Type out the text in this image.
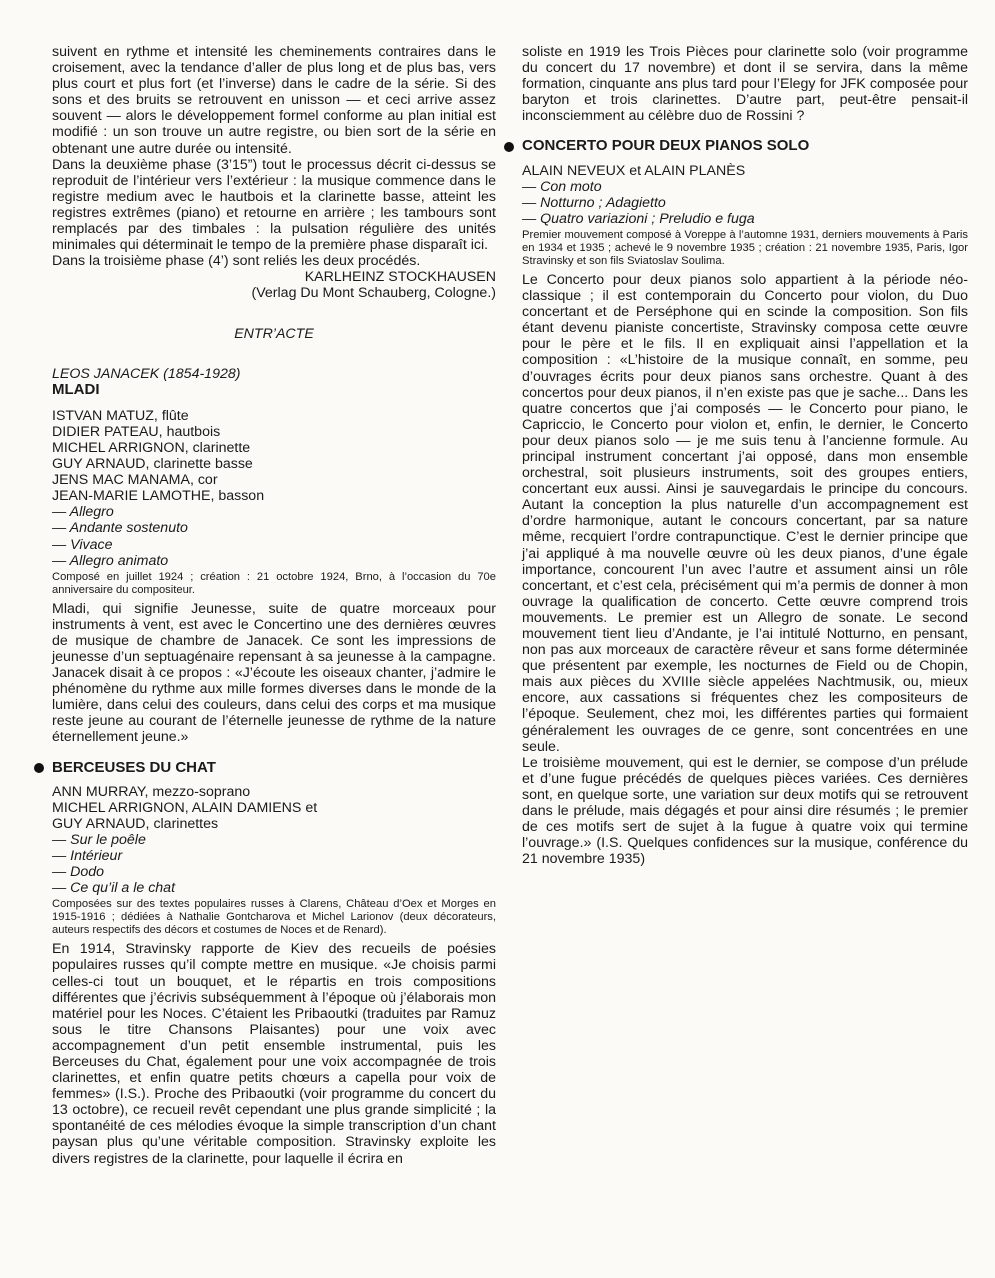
suivent en rythme et intensité les cheminements contraires dans le croisement, avec la tendance d’aller de plus long et de plus bas, vers plus court et plus fort (et l’inverse) dans le cadre de la série. Si des sons et des bruits se retrouvent en unisson — et ceci arrive assez souvent — alors le développement formel conforme au plan initial est modifié : un son trouve un autre registre, ou bien sort de la série en obtenant une autre durée ou intensité.

Dans la deuxième phase (3’15”) tout le processus décrit ci-dessus se reproduit de l’intérieur vers l’extérieur : la musique commence dans le registre medium avec le hautbois et la clarinette basse, atteint les registres extrêmes (piano) et retourne en arrière ; les tambours sont remplacés par des timbales : la pulsation régulière des unités minimales qui déterminait le tempo de la première phase disparaît ici.

Dans la troisième phase (4’) sont reliés les deux procédés.

KARLHEINZ STOCKHAUSEN

(Verlag Du Mont Schauberg, Cologne.)

ENTR’ACTE

LEOS JANACEK (1854-1928)

MLADI

ISTVAN MATUZ, flûte

DIDIER PATEAU, hautbois

MICHEL ARRIGNON, clarinette

GUY ARNAUD, clarinette basse

JENS MAC MANAMA, cor

JEAN-MARIE LAMOTHE, basson

— Allegro

— Andante sostenuto

— Vivace

— Allegro animato

Composé en juillet 1924 ; création : 21 octobre 1924, Brno, à l’occasion du 70e anniversaire du compositeur.

Mladi, qui signifie Jeunesse, suite de quatre morceaux pour instruments à vent, est avec le Concertino une des dernières œuvres de musique de chambre de Janacek. Ce sont les impressions de jeunesse d’un septuagénaire repensant à sa jeunesse à la campagne. Janacek disait à ce propos : «J’écoute les oiseaux chanter, j’admire le phénomène du rythme aux mille formes diverses dans le monde de la lumière, dans celui des couleurs, dans celui des corps et ma musique reste jeune au courant de l’éternelle jeunesse de rythme de la nature éternellement jeune.»

BERCEUSES DU CHAT

ANN MURRAY, mezzo-soprano

MICHEL ARRIGNON, ALAIN DAMIENS et

GUY ARNAUD, clarinettes

— Sur le poêle

— Intérieur

— Dodo

— Ce qu’il a le chat

Composées sur des textes populaires russes à Clarens, Château d’Oex et Morges en 1915-1916 ; dédiées à Nathalie Gontcharova et Michel Larionov (deux décorateurs, auteurs respectifs des décors et costumes de Noces et de Renard).

En 1914, Stravinsky rapporte de Kiev des recueils de poésies populaires russes qu’il compte mettre en musique. «Je choisis parmi celles-ci tout un bouquet, et le répartis en trois compositions différentes que j’écrivis subséquemment à l’époque où j’élaborais mon matériel pour les Noces. C’étaient les Pribaoutki (traduites par Ramuz sous le titre Chansons Plaisantes) pour une voix avec accompagnement d’un petit ensemble instrumental, puis les Berceuses du Chat, également pour une voix accompagnée de trois clarinettes, et enfin quatre petits chœurs a capella pour voix de femmes» (I.S.). Proche des Pribaoutki (voir programme du concert du 13 octobre), ce recueil revêt cependant une plus grande simplicité ; la spontanéité de ces mélodies évoque la simple transcription d’un chant paysan plus qu’une véritable composition. Stravinsky exploite les divers registres de la clarinette, pour laquelle il écrira en

soliste en 1919 les Trois Pièces pour clarinette solo (voir programme du concert du 17 novembre) et dont il se servira, dans la même formation, cinquante ans plus tard pour l’Elegy for JFK composée pour baryton et trois clarinettes. D’autre part, peut-être pensait-il inconsciemment au célèbre duo de Rossini ?

CONCERTO POUR DEUX PIANOS SOLO

ALAIN NEVEUX et ALAIN PLANÈS

— Con moto

— Notturno ; Adagietto

— Quatro variazioni ; Preludio e fuga

Premier mouvement composé à Voreppe à l’automne 1931, derniers mouvements à Paris en 1934 et 1935 ; achevé le 9 novembre 1935 ; création : 21 novembre 1935, Paris, Igor Stravinsky et son fils Sviatoslav Soulima.

Le Concerto pour deux pianos solo appartient à la période néo-classique ; il est contemporain du Concerto pour violon, du Duo concertant et de Perséphone qui en scinde la composition. Son fils étant devenu pianiste concertiste, Stravinsky composa cette œuvre pour le père et le fils. Il en expliquait ainsi l’appellation et la composition : «L’histoire de la musique connaît, en somme, peu d’ouvrages écrits pour deux pianos sans orchestre. Quant à des concertos pour deux pianos, il n’en existe pas que je sache... Dans les quatre concertos que j’ai composés — le Concerto pour piano, le Capriccio, le Concerto pour violon et, enfin, le dernier, le Concerto pour deux pianos solo — je me suis tenu à l’ancienne formule. Au principal instrument concertant j’ai opposé, dans mon ensemble orchestral, soit plusieurs instruments, soit des groupes entiers, concertant eux aussi. Ainsi je sauvegardais le principe du concours. Autant la conception la plus naturelle d’un accompagnement est d’ordre harmonique, autant le concours concertant, par sa nature même, recquiert l’ordre contrapunctique. C’est le dernier principe que j’ai appliqué à ma nouvelle œuvre où les deux pianos, d’une égale importance, concourent l’un avec l’autre et assument ainsi un rôle concertant, et c’est cela, précisément qui m’a permis de donner à mon ouvrage la qualification de concerto. Cette œuvre comprend trois mouvements. Le premier est un Allegro de sonate. Le second mouvement tient lieu d’Andante, je l’ai intitulé Notturno, en pensant, non pas aux morceaux de caractère rêveur et sans forme déterminée que présentent par exemple, les nocturnes de Field ou de Chopin, mais aux pièces du XVIIIe siècle appelées Nachtmusik, ou, mieux encore, aux cassations si fréquentes chez les compositeurs de l’époque. Seulement, chez moi, les différentes parties qui formaient généralement les ouvrages de ce genre, sont concentrées en une seule.

Le troisième mouvement, qui est le dernier, se compose d’un prélude et d’une fugue précédés de quelques pièces variées. Ces dernières sont, en quelque sorte, une variation sur deux motifs qui se retrouvent dans le prélude, mais dégagés et pour ainsi dire résumés ; le premier de ces motifs sert de sujet à la fugue à quatre voix qui termine l’ouvrage.» (I.S. Quelques confidences sur la musique, conférence du 21 novembre 1935)
